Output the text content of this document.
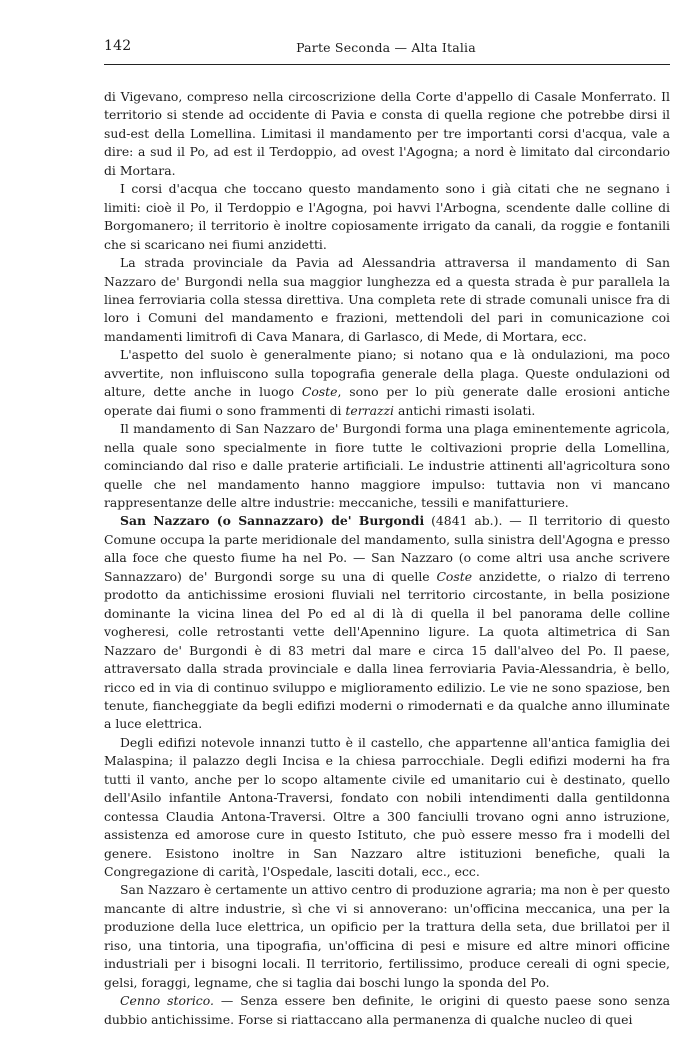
142	Parte Seconda — Alta Italia

di Vigevano, compreso nella circoscrizione della Corte d'appello di Casale Monferrato. Il territorio si stende ad occidente di Pavia e consta di quella regione che potrebbe dirsi il sud-est della Lomellina. Limitasi il mandamento per tre importanti corsi d'acqua, vale a dire: a sud il Po, ad est il Terdoppio, ad ovest l'Agogna; a nord è limitato dal circondario di Mortara.

I corsi d'acqua che toccano questo mandamento sono i già citati che ne segnano i limiti: cioè il Po, il Terdoppio e l'Agogna, poi havvi l'Arbogna, scendente dalle colline di Borgomanero; il territorio è inoltre copiosamente irrigato da canali, da roggie e fontanili che si scaricano nei fiumi anzidetti.

La strada provinciale da Pavia ad Alessandria attraversa il mandamento di San Nazzaro de' Burgondi nella sua maggior lunghezza ed a questa strada è pur parallela la linea ferroviaria colla stessa direttiva. Una completa rete di strade comunali unisce fra di loro i Comuni del mandamento e frazioni, mettendoli del pari in comunicazione coi mandamenti limitrofi di Cava Manara, di Garlasco, di Mede, di Mortara, ecc.

L'aspetto del suolo è generalmente piano; si notano qua e là ondulazioni, ma poco avvertite, non influiscono sulla topografia generale della plaga. Queste ondulazioni od alture, dette anche in luogo Coste, sono per lo più generate dalle erosioni antiche operate dai fiumi o sono frammenti di terrazzi antichi rimasti isolati.

Il mandamento di San Nazzaro de' Burgondi forma una plaga eminentemente agricola, nella quale sono specialmente in fiore tutte le coltivazioni proprie della Lomellina, cominciando dal riso e dalle praterie artificiali. Le industrie attinenti all'agricoltura sono quelle che nel mandamento hanno maggiore impulso: tuttavia non vi mancano rappresentanze delle altre industrie: meccaniche, tessili e manifatturiere.

San Nazzaro (o Sannazzaro) de' Burgondi (4841 ab.). — Il territorio di questo Comune occupa la parte meridionale del mandamento, sulla sinistra dell'Agogna e presso alla foce che questo fiume ha nel Po. — San Nazzaro (o come altri usa anche scrivere Sannazzaro) de' Burgondi sorge su una di quelle Coste anzidette, o rialzo di terreno prodotto da antichissime erosioni fluviali nel territorio circostante, in bella posizione dominante la vicina linea del Po ed al di là di quella il bel panorama delle colline vogheresi, colle retrostanti vette dell'Apennino ligure. La quota altimetrica di San Nazzaro de' Burgondi è di 83 metri dal mare e circa 15 dall'alveo del Po. Il paese, attraversato dalla strada provinciale e dalla linea ferroviaria Pavia-Alessandria, è bello, ricco ed in via di continuo sviluppo e miglioramento edilizio. Le vie ne sono spaziose, ben tenute, fiancheggiate da begli edifizi moderni o rimodernati e da qualche anno illuminate a luce elettrica.

Degli edifizi notevole innanzi tutto è il castello, che appartenne all'antica famiglia dei Malaspina; il palazzo degli Incisa e la chiesa parrocchiale. Degli edifizi moderni ha fra tutti il vanto, anche per lo scopo altamente civile ed umanitario cui è destinato, quello dell'Asilo infantile Antona-Traversi, fondato con nobili intendimenti dalla gentildonna contessa Claudia Antona-Traversi. Oltre a 300 fanciulli trovano ogni anno istruzione, assistenza ed amorose cure in questo Istituto, che può essere messo fra i modelli del genere. Esistono inoltre in San Nazzaro altre istituzioni benefiche, quali la Congregazione di carità, l'Ospedale, lasciti dotali, ecc., ecc.

San Nazzaro è certamente un attivo centro di produzione agraria; ma non è per questo mancante di altre industrie, sì che vi si annoverano: un'officina meccanica, una per la produzione della luce elettrica, un opificio per la trattura della seta, due brillatoi per il riso, una tintoria, una tipografia, un'officina di pesi e misure ed altre minori officine industriali per i bisogni locali. Il territorio, fertilissimo, produce cereali di ogni specie, gelsi, foraggi, legname, che si taglia dai boschi lungo la sponda del Po.

Cenno storico. — Senza essere ben definite, le origini di questo paese sono senza dubbio antichissime. Forse si riattaccano alla permanenza di qualche nucleo di quei
